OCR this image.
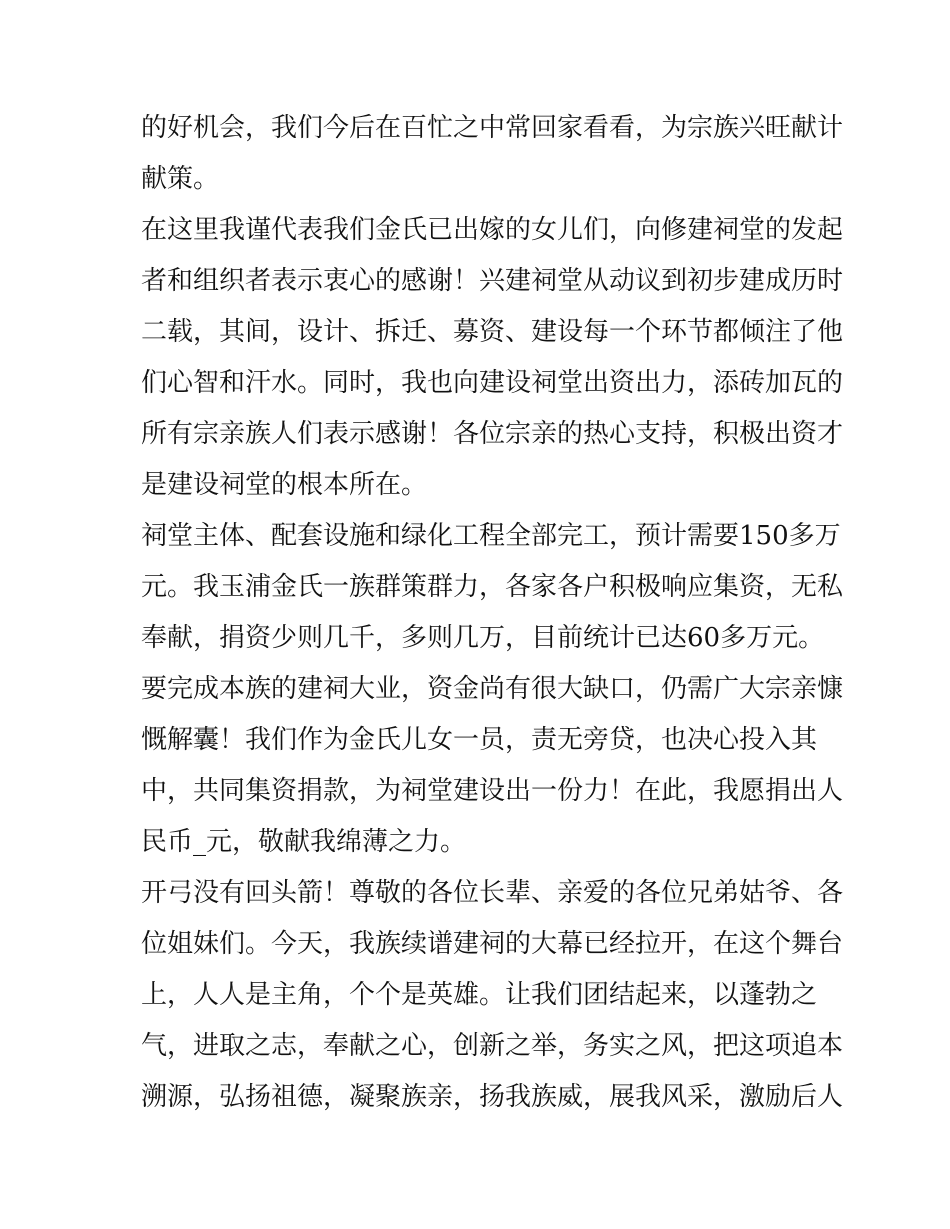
的好机会，我们今后在百忙之中常回家看看，为宗族兴旺献计
献策。
在这里我谨代表我们金氏已出嫁的女儿们，向修建祠堂的发起
者和组织者表示衷心的感谢！兴建祠堂从动议到初步建成历时
二载，其间，设计、拆迁、募资、建设每一个环节都倾注了他
们心智和汗水。同时，我也向建设祠堂出资出力，添砖加瓦的
所有宗亲族人们表示感谢！各位宗亲的热心支持，积极出资才
是建设祠堂的根本所在。
祠堂主体、配套设施和绿化工程全部完工，预计需要150多万
元。我玉浦金氏一族群策群力，各家各户积极响应集资，无私
奉献，捐资少则几千，多则几万，目前统计已达60多万元。
要完成本族的建祠大业，资金尚有很大缺口，仍需广大宗亲慷
慨解囊！我们作为金氏儿女一员，责无旁贷，也决心投入其
中，共同集资捐款，为祠堂建设出一份力！在此，我愿捐出人
民币_元，敬献我绵薄之力。
开弓没有回头箭！尊敬的各位长辈、亲爱的各位兄弟姑爷、各
位姐妹们。今天，我族续谱建祠的大幕已经拉开，在这个舞台
上，人人是主角，个个是英雄。让我们团结起来，以蓬勃之
气，进取之志，奉献之心，创新之举，务实之风，把这项追本
溯源，弘扬祖德，凝聚族亲，扬我族威，展我风采，激励后人
